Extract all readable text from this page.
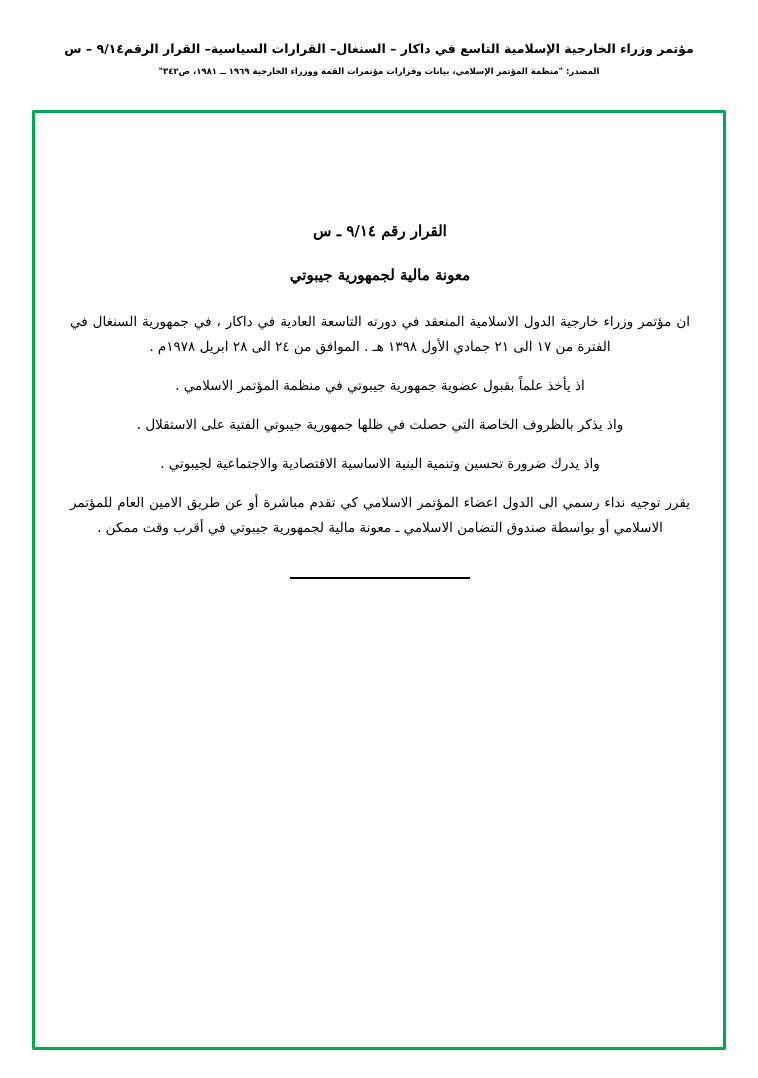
مؤتمر وزراء الخارجية الإسلامية التاسع في داكار – السنغال– القرارات السياسية– القرار الرقم٩/١٤ – س
المصدر: "منظمة المؤتمر الإسلامي، بيانات وقرارات مؤتمرات القمة ووزراء الخارجية ١٩٦٩ ــ ١٩٨١، ص٣٤٢"
القرار رقم ٩/١٤ ـ س
معونة مالية لجمهورية جيبوتي

ان مؤتمر وزراء خارجية الدول الاسلامية المنعقد في دورته التاسعة العادية في داكار ، في جمهورية السنغال في الفترة من ١٧ الى ٢١ جمادي الأول ١٣٩٨ هـ . الموافق من ٢٤ الى ٢٨ ابريل ١٩٧٨م .

اذ يأخذ علماً بقبول عضوية جمهورية جيبوتي في منظمة المؤتمر الاسلامي .

واذ يذكر بالظروف الخاصة التي حصلت في ظلها جمهورية جيبوتي الفتية على الاستقلال .

واذ يدرك ضرورة تحسين وتنمية البنية الاساسية الاقتصادية والاجتماعية لجيبوتي .

يقرر توجيه نداء رسمي الى الدول اعضاء المؤتمر الاسلامي كي تقدم مباشرة أو عن طريق الامين العام للمؤتمر الاسلامي أو بواسطة صندوق التضامن الاسلامي ـ معونة مالية لجمهورية جيبوتي في أقرب وقت ممكن .
